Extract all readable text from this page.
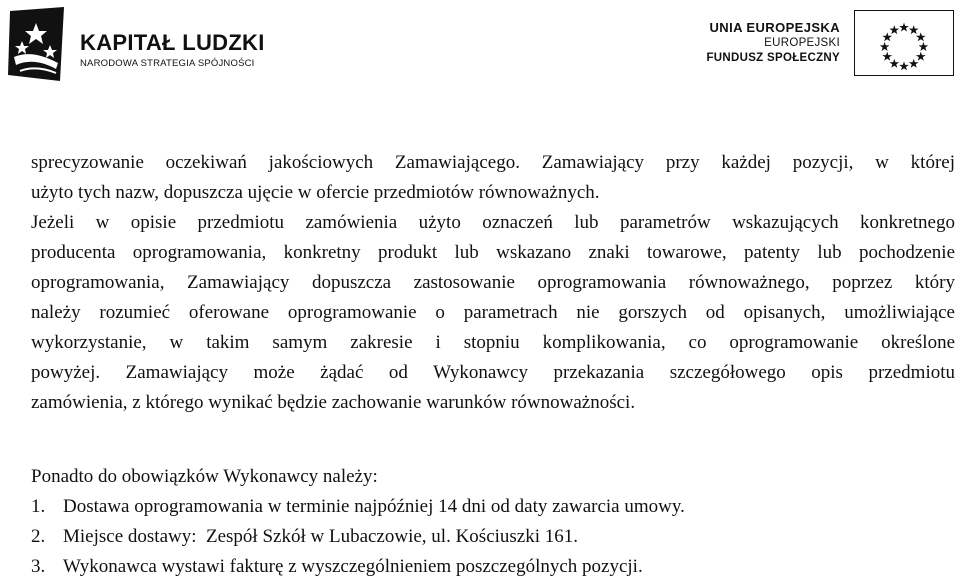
KAPITAŁ LUDZKI
NARODOWA STRATEGIA SPÓJNOŚCI
UNIA EUROPEJSKA
EUROPEJSKI
FUNDUSZ SPOŁECZNY

sprecyzowanie oczekiwań jakościowych Zamawiającego. Zamawiający przy każdej pozycji, w której
użyto tych nazw, dopuszcza ujęcie w ofercie przedmiotów równoważnych.
Jeżeli w opisie przedmiotu zamówienia użyto oznaczeń lub parametrów wskazujących konkretnego
producenta oprogramowania, konkretny produkt lub wskazano znaki towarowe, patenty lub pochodzenie
oprogramowania, Zamawiający dopuszcza zastosowanie oprogramowania równoważnego, poprzez który
należy rozumieć oferowane oprogramowanie o parametrach nie gorszych od opisanych, umożliwiające
wykorzystanie, w takim samym zakresie i stopniu komplikowania, co oprogramowanie określone
powyżej. Zamawiający może żądać od Wykonawcy przekazania szczegółowego opis przedmiotu
zamówienia, z którego wynikać będzie zachowanie warunków równoważności.

Ponadto do obowiązków Wykonawcy należy:
1. Dostawa oprogramowania w terminie najpóźniej 14 dni od daty zawarcia umowy.
2. Miejsce dostawy:  Zespół Szkół w Lubaczowie, ul. Kościuszki 161.
3. Wykonawca wystawi fakturę z wyszczególnieniem poszczególnych pozycji.
